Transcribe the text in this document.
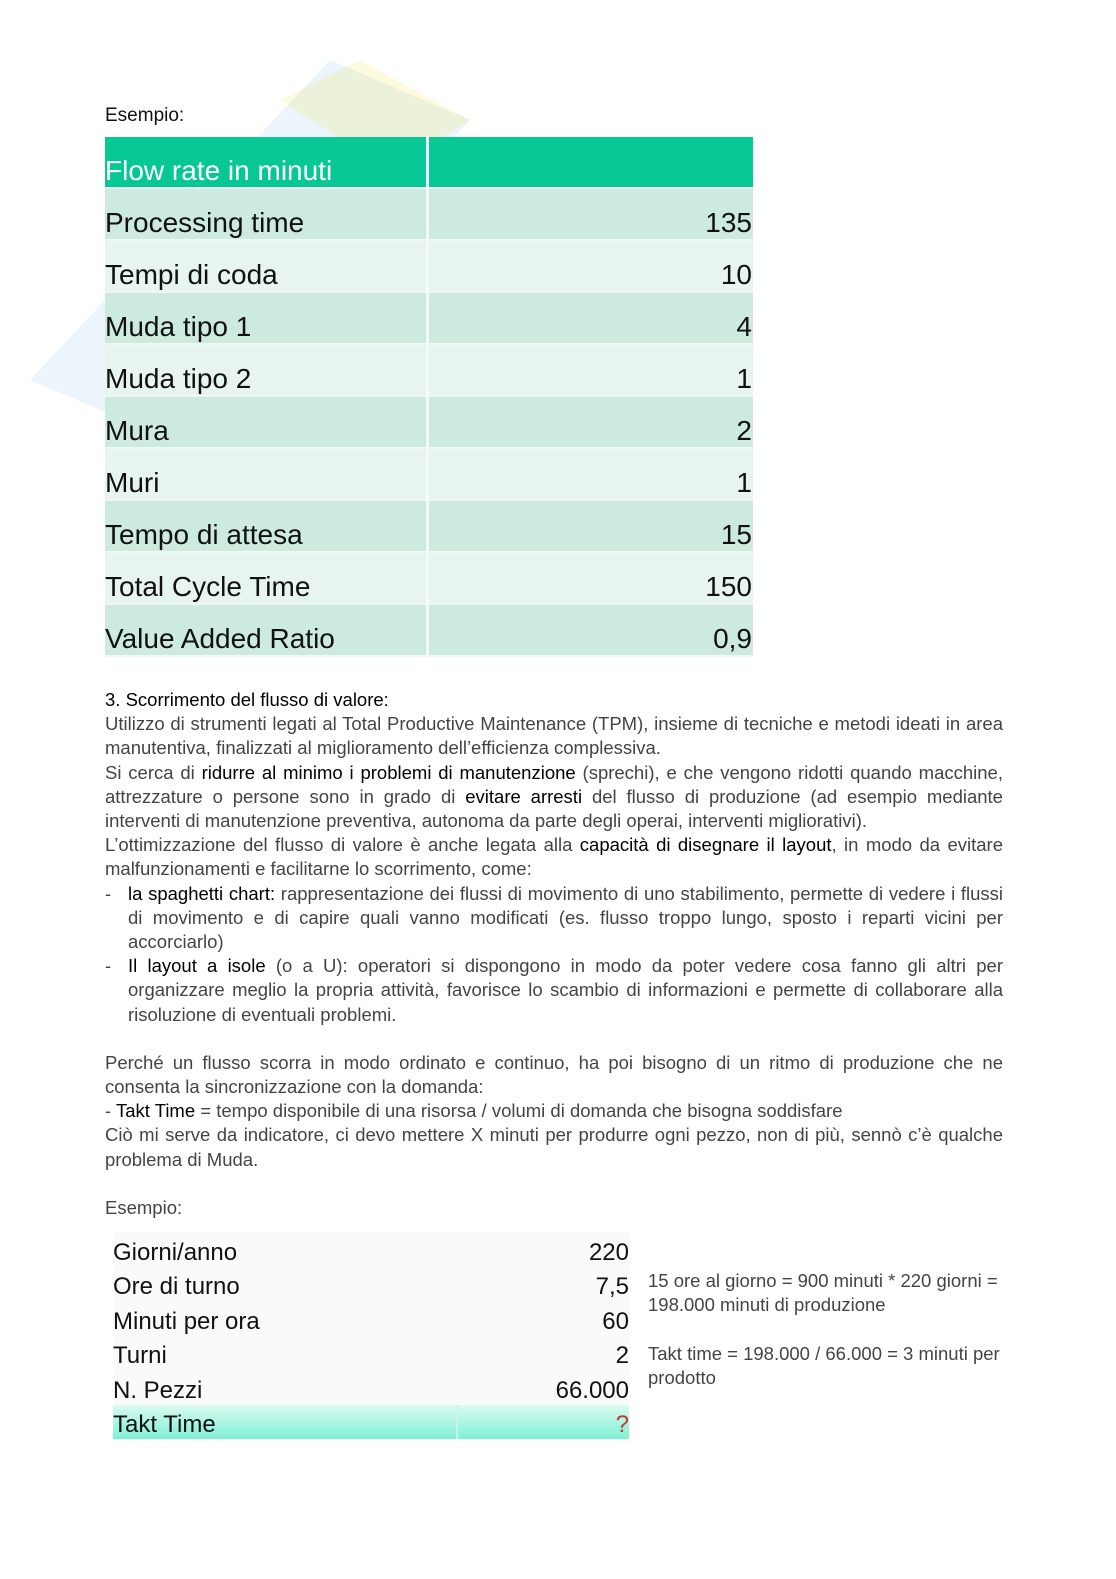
Esempio:
Flow rate in minuti	
Processing time	135
Tempi di coda	10
Muda tipo 1	4
Muda tipo 2	1
Mura	2
Muri	1
Tempo di attesa	15
Total Cycle Time	150
Value Added Ratio	0,9

3. Scorrimento del flusso di valore:

Utilizzo di strumenti legati al Total Productive Maintenance (TPM), insieme di tecniche e metodi ideati in area manutentiva, finalizzati al miglioramento dell’efficienza complessiva.

Si cerca di ridurre al minimo i problemi di manutenzione (sprechi), e che vengono ridotti quando macchine, attrezzature o persone sono in grado di evitare arresti del flusso di produzione (ad esempio mediante interventi di manutenzione preventiva, autonoma da parte degli operai, interventi migliorativi).

L’ottimizzazione del flusso di valore è anche legata alla capacità di disegnare il layout, in modo da evitare malfunzionamenti e facilitarne lo scorrimento, come:

- la spaghetti chart: rappresentazione dei flussi di movimento di uno stabilimento, permette di vedere i flussi di movimento e di capire quali vanno modificati (es. flusso troppo lungo, sposto i reparti vicini per accorciarlo)

- Il layout a isole (o a U): operatori si dispongono in modo da poter vedere cosa fanno gli altri per organizzare meglio la propria attività, favorisce lo scambio di informazioni e permette di collaborare alla risoluzione di eventuali problemi.

Perché un flusso scorra in modo ordinato e continuo, ha poi bisogno di un ritmo di produzione che ne consenta la sincronizzazione con la domanda:

- Takt Time = tempo disponibile di una risorsa / volumi di domanda che bisogna soddisfare

Ciò mi serve da indicatore, ci devo mettere X minuti per produrre ogni pezzo, non di più, sennò c’è qualche problema di Muda.

Esempio:

Giorni/anno	220
Ore di turno	7,5
Minuti per ora	60
Turni	2
N. Pezzi	66.000
Takt Time	?
15 ore al giorno = 900 minuti * 220 giorni = 198.000 minuti di produzione
Takt time = 198.000 / 66.000 = 3 minuti per prodotto
